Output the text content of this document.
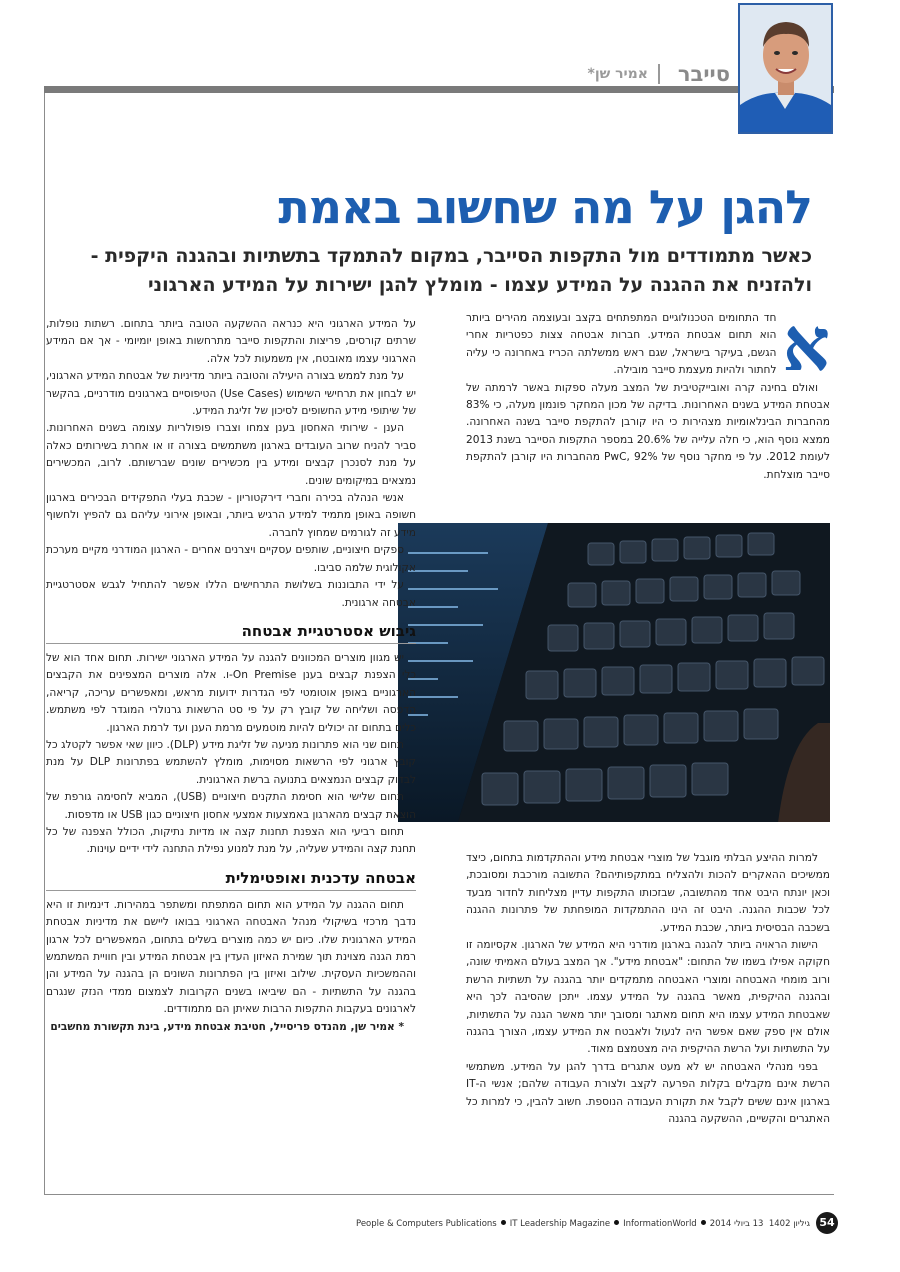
סייבר
אמיר שן*
להגן על מה שחשוב באמת
כאשר מתמודדים מול התקפות הסייבר, במקום להתמקד בתשתיות ובהגנה היקפית - ולהזניח את ההגנה על המידע עצמו - מומלץ להגן ישירות על המידע הארגוני

א
חד התחומים הטכנולוגיים המתפתחים בקצב ובעוצמה מהירים ביותר הוא תחום אבטחת המידע. חברות אבטחה צצות כפטריות אחרי הגשם, בעיקר בישראל, שגם ראש ממשלתה הכריז באחרונה כי עליה לחתור ולהיות מעצמת סייבר מובילה.

ואולם בחינה קרה ואובייקטיבית של המצב מעלה ספקות באשר לרמתה של אבטחת המידע בשנים האחרונות. בדיקה של מכון המחקר פונמון מעלה, כי 83% מהחברות הבינלאומיות מצהירות כי היו קורבן להתקפת סייבר בשנה האחרונה. ממצא נוסף הוא, כי חלה עלייה של 20.6% במספר התקפות הסייבר בשנת 2013 לעומת 2012. על פי מחקר נוסף של PwC, 92% מהחברות היו קורבן להתקפת סייבר מוצלחת.

למרות ההיצע הבלתי מוגבל של מוצרי אבטחת מידע וההתקדמות בתחום, כיצד ממשיכים ההאקרים להכות ולהצליח במתקפותיהם? התשובה מורכבת ומסובכת, וכאן יונתח היבט אחד מהתשובה, שבזכותו התקפות עדיין מצליחות לחדור מבעד לכל שכבות ההגנה. היבט זה הינו ההתמקדות המופחתת של פתרונות ההגנה בשכבה הבסיסית ביותר, שכבת המידע.

הישות הראויה ביותר להגנה בארגון מודרני היא המידע של הארגון. אקסיומה זו חקוקה אפילו בשמו של התחום: "אבטחת מידע". אך המצב בעולם האמיתי שונה, ורוב מומחי האבטחה ומוצרי האבטחה מתמקדים יותר בהגנה על תשתיות הרשת ובהגנה ההיקפית, מאשר בהגנה על המידע עצמו. ייתכן שהסיבה לכך היא שאבטחת המידע עצמו היא תחום מאתגר ומסובך יותר מאשר הגנה על התשתיות, אולם אין ספק שאם אפשר היה לנעול ולאבטח את המידע עצמו, הצורך בהגנה על התשתיות ועל הרשת ההיקפית היה מצטמצם מאוד.

בפני מנהלי האבטחה יש לא מעט אתגרים בדרך להגן על המידע. משתמשי הרשת אינם מקבלים בקלות הפרעה לקצב ולצורת העבודה שלהם; אנשי ה-IT בארגון אינם ששים לקבל את תקורת העבודה הנוספת. חשוב להבין, כי למרות כל האתגרים והקשיים, ההשקעה בהגנה

על המידע הארגוני היא כנראה ההשקעה הטובה ביותר בתחום. רשתות נופלות, שרתים קורסים, פריצות והתקפות סייבר מתרחשות באופן יומיומי - אך אם המידע הארגוני עצמו מאובטח, אין משמעות לכל אלה.

על מנת לממש בצורה היעילה והטובה ביותר מדיניות של אבטחת המידע הארגוני, יש לבחון את תרחישי השימוש (Use Cases) הטיפוסיים בארגונים מודרניים, בהקשר של שיתופי מידע החשופים לסיכון של זליגת המידע.

הענן - שירותי האחסון בענן צמחו וצברו פופולריות עצומה בשנים האחרונות. סביר להניח שרוב העובדים בארגון משתמשים בצורה זו או אחרת בשירותים כאלה על מנת לסנכרן קבצים ומידע בין מכשירים שונים שברשותם. לרוב, המכשירים נמצאים במיקומים שונים.

אנשי הנהלה בכירה וחברי דירקטוריון - שכבת בעלי התפקידים הבכירים בארגון חשופה באופן מתמיד למידע הרגיש ביותר, ובאופן אירוני עליהם גם להפיץ ולחשוף מידע זה לגורמים שמחוץ לחברה.

ספקים חיצוניים, שותפים עסקיים ויצרנים אחרים - הארגון המודרני מקיים מערכת אקולוגית שלמה סביבו.

על ידי התבוננות בשלושת התרחישים הללו אפשר להתחיל לגבש אסטרטגיית אבטחה ארגונית.

גיבוש אסטרטגיית אבטחה

יש מגוון מוצרים המכוונים להגנה על המידע הארגוני ישירות. תחום אחד הוא של כלי הצפנת קבצים בענן On Premise-ו. אלה מוצרים המצפינים את הקבצים הארגוניים באופן אוטומטי לפי הגדרות ידועות מראש, ומאפשרים עריכה, קריאה, הדפסה ושליחה של קובץ רק על פי סט הרשאות גרנולרי המוגדר לפי משתמש. כלים בתחום זה יכולים להיות מוטמעים מרמת הענן ועד לרמת הארגון.

תחום שני הוא פתרונות מניעה של זליגת מידע (DLP). כיוון שאי אפשר לקטלג כל קובץ ארגוני לפי הרשאות מסוימות, מומלץ להשתמש בפתרונות DLP על מנת לבדוק קבצים הנמצאים בתנועה ברשת הארגונית.

תחום שלישי הוא חסימת התקנים חיצוניים (USB), המביא לחסימה גורפת של הוצאת קבצים מהארגון באמצעות אמצעי אחסון חיצוניים כגון USB או מדפסות.

תחום רביעי הוא הצפנת תחנות קצה או מדיות נתיקות, הכולל הצפנה של כל תחנת קצה והמידע שעליה, על מנת למנוע נפילת התחנה לידי ידיים עוינות.

אבטחה עדכנית ואופטימלית

תחום ההגנה על המידע הוא תחום המתפתח ומשתפר במהירות. דינמיות זו היא נדבך מרכזי בשיקולי מנהל האבטחה הארגוני בבואו ליישם את מדיניות אבטחת המידע הארגונית שלו. כיום יש כמה מוצרים בשלים בתחום, המאפשרים לכל ארגון רמת הגנה מצוינת תוך שמירת האיזון העדין בין אבטחת המידע ובין חוויית המשתמש וההמשכיות העסקית. שילוב ואיזון בין הפתרונות השונים הן בהגנה על המידע והן בהגנה על התשתיות - הם שיביאו בשנים הקרובות לצמצום ממדי הנזק שנגרם לארגונים בעקבות התקפות הרבות שאיתן הם מתמודדים.

* אמיר שן, מהנדס פריסייל, חטיבת אבטחת מידע, בינת תקשורת מחשבים

People & Computers Publications IT Leadership Magazine InformationWorld 13 ביולי 2014 גיליון 1402 54
